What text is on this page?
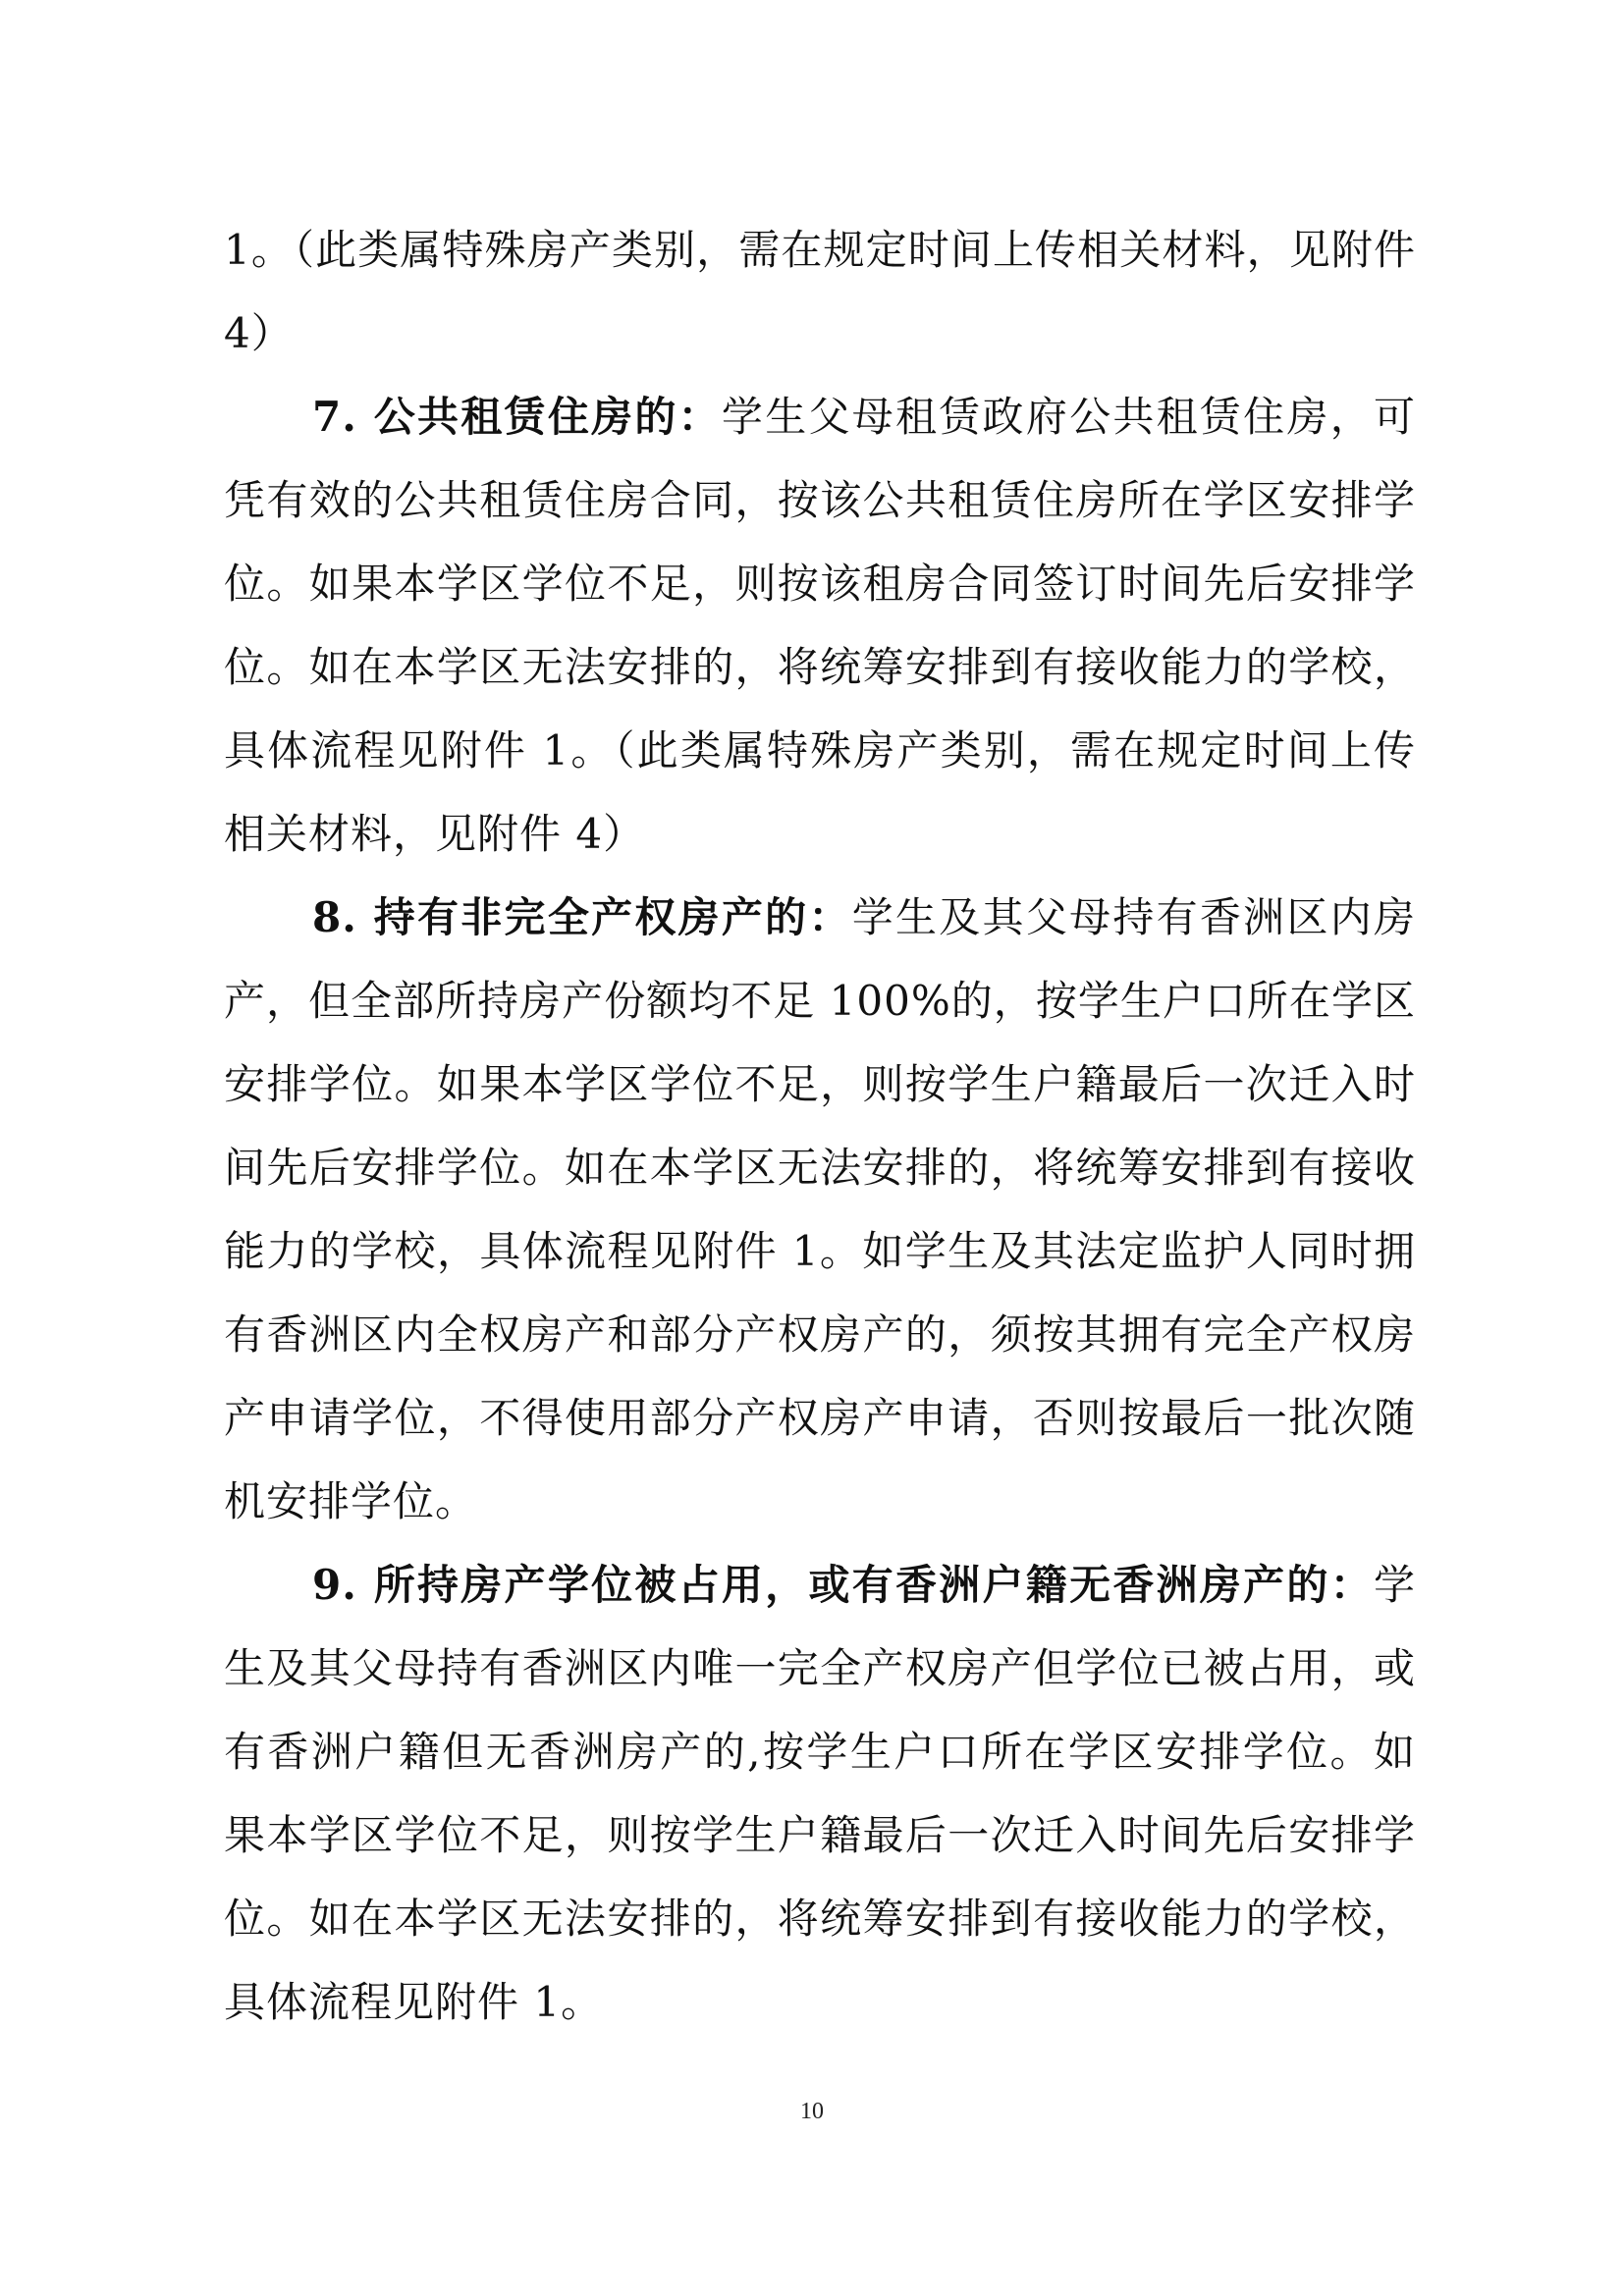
1。（此类属特殊房产类别，需在规定时间上传相关材料，见附件 4）

7. 公共租赁住房的：学生父母租赁政府公共租赁住房，可凭有效的公共租赁住房合同，按该公共租赁住房所在学区安排学位。如果本学区学位不足，则按该租房合同签订时间先后安排学位。如在本学区无法安排的，将统筹安排到有接收能力的学校，具体流程见附件 1。（此类属特殊房产类别，需在规定时间上传相关材料，见附件 4）

8. 持有非完全产权房产的：学生及其父母持有香洲区内房产，但全部所持房产份额均不足 100%的，按学生户口所在学区安排学位。如果本学区学位不足，则按学生户籍最后一次迁入时间先后安排学位。如在本学区无法安排的，将统筹安排到有接收能力的学校，具体流程见附件 1。如学生及其法定监护人同时拥有香洲区内全权房产和部分产权房产的，须按其拥有完全产权房产申请学位，不得使用部分产权房产申请，否则按最后一批次随机安排学位。

9. 所持房产学位被占用，或有香洲户籍无香洲房产的：学生及其父母持有香洲区内唯一完全产权房产但学位已被占用，或有香洲户籍但无香洲房产的,按学生户口所在学区安排学位。如果本学区学位不足，则按学生户籍最后一次迁入时间先后安排学位。如在本学区无法安排的，将统筹安排到有接收能力的学校，具体流程见附件 1。

10
